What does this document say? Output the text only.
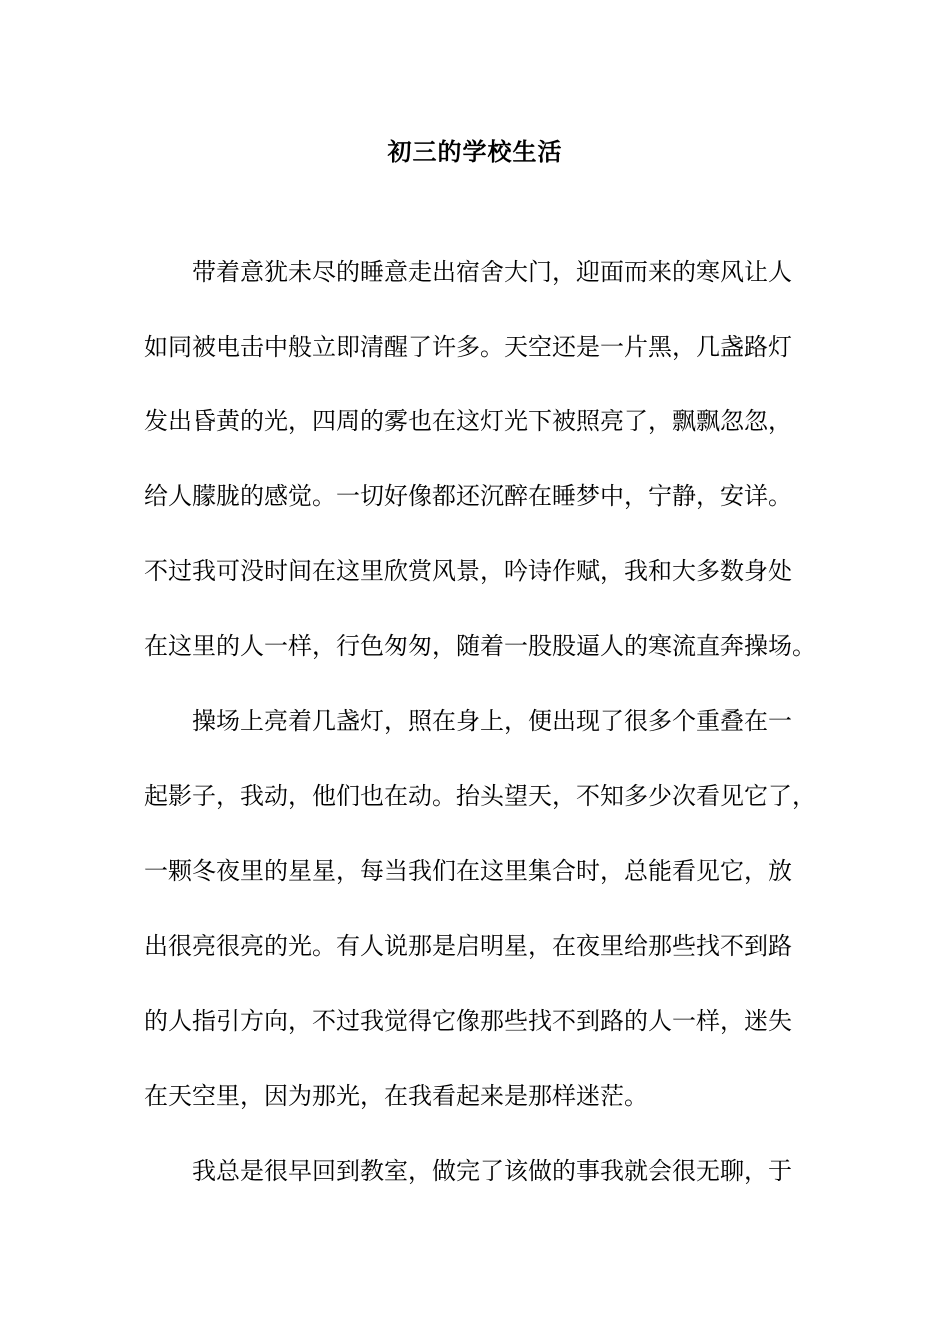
初三的学校生活
带着意犹未尽的睡意走出宿舍大门，迎面而来的寒风让人
如同被电击中般立即清醒了许多。天空还是一片黑，几盏路灯
发出昏黄的光，四周的雾也在这灯光下被照亮了，飘飘忽忽，
给人朦胧的感觉。一切好像都还沉醉在睡梦中，宁静，安详。
不过我可没时间在这里欣赏风景，吟诗作赋，我和大多数身处
在这里的人一样，行色匆匆，随着一股股逼人的寒流直奔操场。
操场上亮着几盏灯，照在身上，便出现了很多个重叠在一
起影子，我动，他们也在动。抬头望天，不知多少次看见它了，
一颗冬夜里的星星，每当我们在这里集合时，总能看见它，放
出很亮很亮的光。有人说那是启明星，在夜里给那些找不到路
的人指引方向，不过我觉得它像那些找不到路的人一样，迷失
在天空里，因为那光，在我看起来是那样迷茫。
我总是很早回到教室，做完了该做的事我就会很无聊，于
